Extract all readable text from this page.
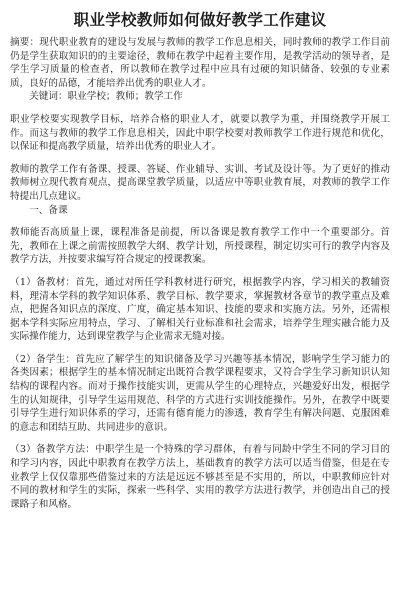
职业学校教师如何做好教学工作建议

摘要：现代职业教育的建设与发展与教师的教学工作息息相关，同时教师的教学工作目前仍是学生获取知识的的主要途径，教师在教学中起着主要作用，是教学活动的领导者，是学生学习质量的检查者，所以教师在教学过程中应具有过硬的知识储备、较强的专业素质，良好的品德，才能培养出优秀的职业人才。

关键词：职业学校；教师；教学工作

职业学校要实现教学目标，培养合格的职业人才，就要以教学为重，并围绕教学开展工作。而这与教师的教学工作息息相关，因此中职学校要对教师教学工作进行规范和优化，以保证和提高教学质量，培养出优秀的职业人才。

教师的教学工作有备课、授课、答疑、作业辅导、实训、考试及设计等。为了更好的推动教师树立现代教育观点，提高课堂教学质量，以适应中等职业教育展，对教师的教学工作特提出几点建议。

一、备课

教师能否高质量上课，课程准备是前提，所以备课是教育教学工作中一个重要部分。首先，教师在上课之前需按照教学大纲、教学计划，所授课程，制定切实可行的教学内容及教学方法，并按要求编写符合规定的授课教案。

（1）备教材：首先，通过对所任学科教材进行研究，根据教学内容，学习相关的教辅资料，理清本学科的教学知识体系、教学目标、教学要求，掌握教材各章节的教学重点及难点，把握各知识点的深度、广度，确定基本知识、技能的要求和实施方法。另外，还需根据本学科实际应用特点，学习、了解相关行业标准和社会需求，培养学生理实融合能力及实际操作能力，达到课堂教学与企业需求无缝对接。

（2）备学生：首先应了解学生的知识储备及学习兴趣等基本情况，影响学生学习能力的各类因素；根据学生的基本情况制定出既符合教学课程要求，又符合学生学习新知识认知结构的课程内容。而对于操作技能实训，更需从学生的心理特点，兴趣爱好出发，根据学生的认知规律，引导学生运用规范、科学的方式进行实训技能操作。另外，在教学中既要引导学生进行知识体系的学习，还需有德育能力的渗透，教育学生有解决问题、克服困难的意志和团结互助、共同进步的意识。

（3）备教学方法：中职学生是一个特殊的学习群体，有着与同龄中学生不同的学习目的和学习内容，因此中职教育在教学方法上，基础教育的教学方法可以适当借鉴，但是在专业教学上仅仅靠那些借鉴过来的方法是远远不够甚至是不实用的，所以，中职教师应针对不同的教材和学生的实际，探索一些科学、实用的教学方法进行教学，并创造出自己的授课路子和风格。
